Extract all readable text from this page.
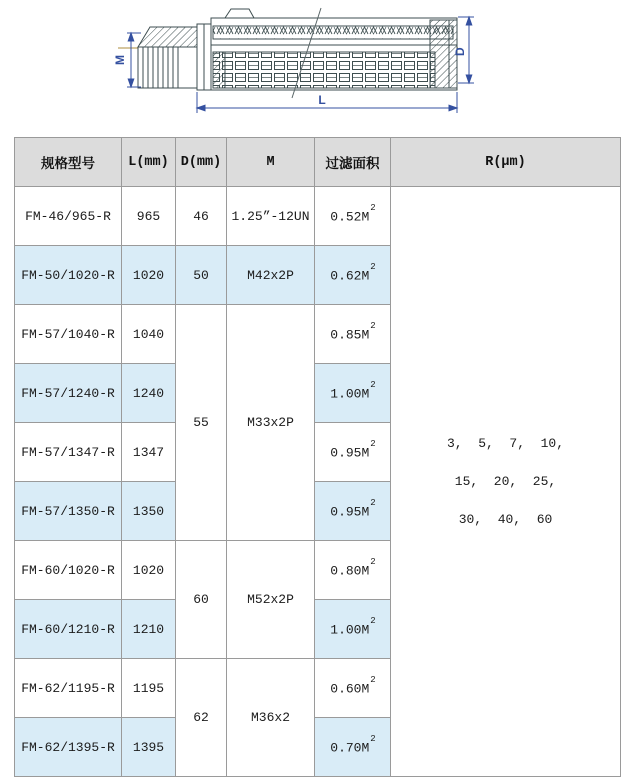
M
D
L
规格型号	L(mm)	D(mm)	M	过滤面积	R(μm)
FM-46/965-R	965	46	1.25”-12UN	$0.52M^2$	3,  5,  7,  10,
15,  20,  25,
30,  40,  60

FM-50/1020-R	1020	50	M42x2P	$0.62M^2$
FM-57/1040-R	1040	55	M33x2P	$0.85M^2$
FM-57/1240-R	1240			$1.00M^2$
FM-57/1347-R	1347			$0.95M^2$
FM-57/1350-R	1350			$0.95M^2$
FM-60/1020-R	1020	60	M52x2P	$0.80M^2$
FM-60/1210-R	1210			$1.00M^2$
FM-62/1195-R	1195	62	M36x2	$0.60M^2$
FM-62/1395-R	1395			$0.70M^2$
